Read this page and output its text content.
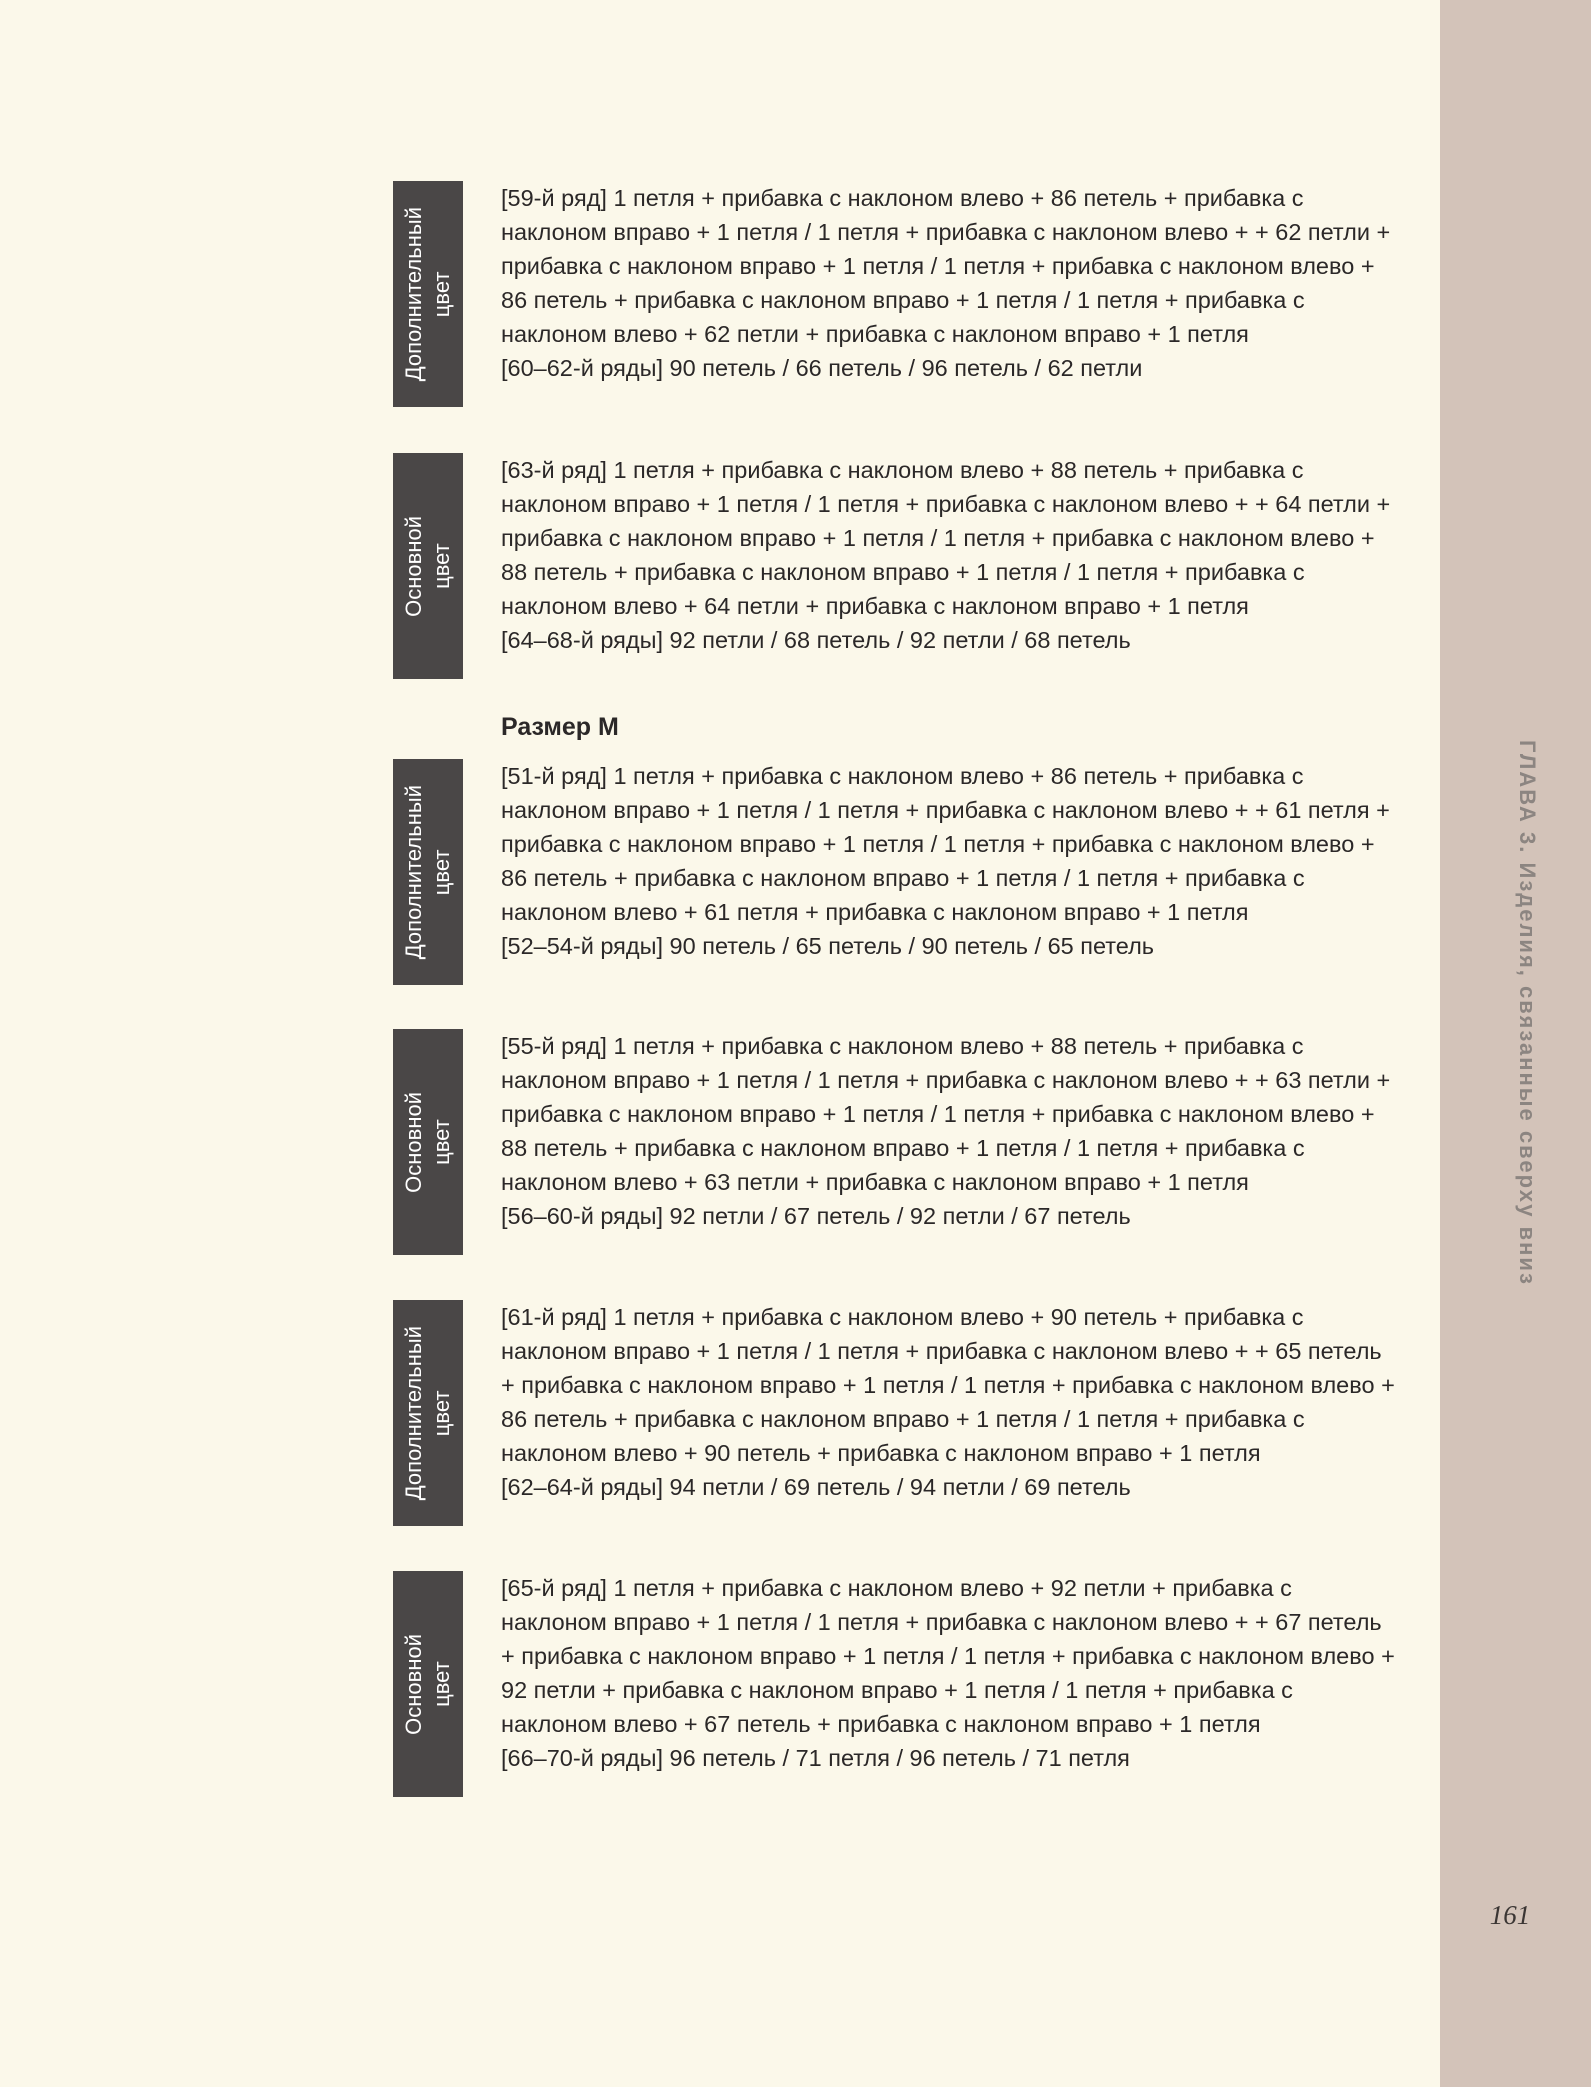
ГЛАВА 3. Изделия, связанные сверху вниз
161
Дополнительный
цвет

[59-й ряд] 1 петля + прибавка с наклоном влево + 86 петель + прибавка с наклоном вправо + 1 петля / 1 петля + прибавка с наклоном влево + + 62 петли + прибавка с наклоном вправо + 1 петля / 1 петля + прибавка с наклоном влево + 86 петель + прибавка с наклоном вправо + 1 петля / 1 петля + прибавка с наклоном влево + 62 петли + прибавка с наклоном вправо + 1 петля

[60–62-й ряды] 90 петель / 66 петель / 96 петель / 62 петли

Основной
цвет

[63-й ряд] 1 петля + прибавка с наклоном влево + 88 петель + прибавка с наклоном вправо + 1 петля / 1 петля + прибавка с наклоном влево + + 64 петли + прибавка с наклоном вправо + 1 петля / 1 петля + прибавка с наклоном влево + 88 петель + прибавка с наклоном вправо + 1 петля / 1 петля + прибавка с наклоном влево + 64 петли + прибавка с наклоном вправо + 1 петля

[64–68-й ряды] 92 петли / 68 петель / 92 петли / 68 петель

Размер М
Дополнительный
цвет

[51-й ряд] 1 петля + прибавка с наклоном влево + 86 петель + прибавка с наклоном вправо + 1 петля / 1 петля + прибавка с наклоном влево + + 61 петля + прибавка с наклоном вправо + 1 петля / 1 петля + прибавка с наклоном влево + 86 петель + прибавка с наклоном вправо + 1 петля / 1 петля + прибавка с наклоном влево + 61 петля + прибавка с наклоном вправо + 1 петля

[52–54-й ряды] 90 петель / 65 петель / 90 петель / 65 петель

Основной
цвет

[55-й ряд] 1 петля + прибавка с наклоном влево + 88 петель + прибавка с наклоном вправо + 1 петля / 1 петля + прибавка с наклоном влево + + 63 петли + прибавка с наклоном вправо + 1 петля / 1 петля + прибавка с наклоном влево + 88 петель + прибавка с наклоном вправо + 1 петля / 1 петля + прибавка с наклоном влево + 63 петли + прибавка с наклоном вправо + 1 петля

[56–60-й ряды] 92 петли / 67 петель / 92 петли / 67 петель

Дополнительный
цвет

[61-й ряд] 1 петля + прибавка с наклоном влево + 90 петель + прибавка с наклоном вправо + 1 петля / 1 петля + прибавка с наклоном влево + + 65 петель + прибавка с наклоном вправо + 1 петля / 1 петля + прибавка с наклоном влево + 86 петель + прибавка с наклоном вправо + 1 петля / 1 петля + прибавка с наклоном влево + 90 петель + прибавка с наклоном вправо + 1 петля

[62–64-й ряды] 94 петли / 69 петель / 94 петли / 69 петель

Основной
цвет

[65-й ряд] 1 петля + прибавка с наклоном влево + 92 петли + прибавка с наклоном вправо + 1 петля / 1 петля + прибавка с наклоном влево + + 67 петель + прибавка с наклоном вправо + 1 петля / 1 петля + прибавка с наклоном влево + 92 петли + прибавка с наклоном вправо + 1 петля / 1 петля + прибавка с наклоном влево + 67 петель + прибавка с наклоном вправо + 1 петля

[66–70-й ряды] 96 петель / 71 петля / 96 петель / 71 петля
